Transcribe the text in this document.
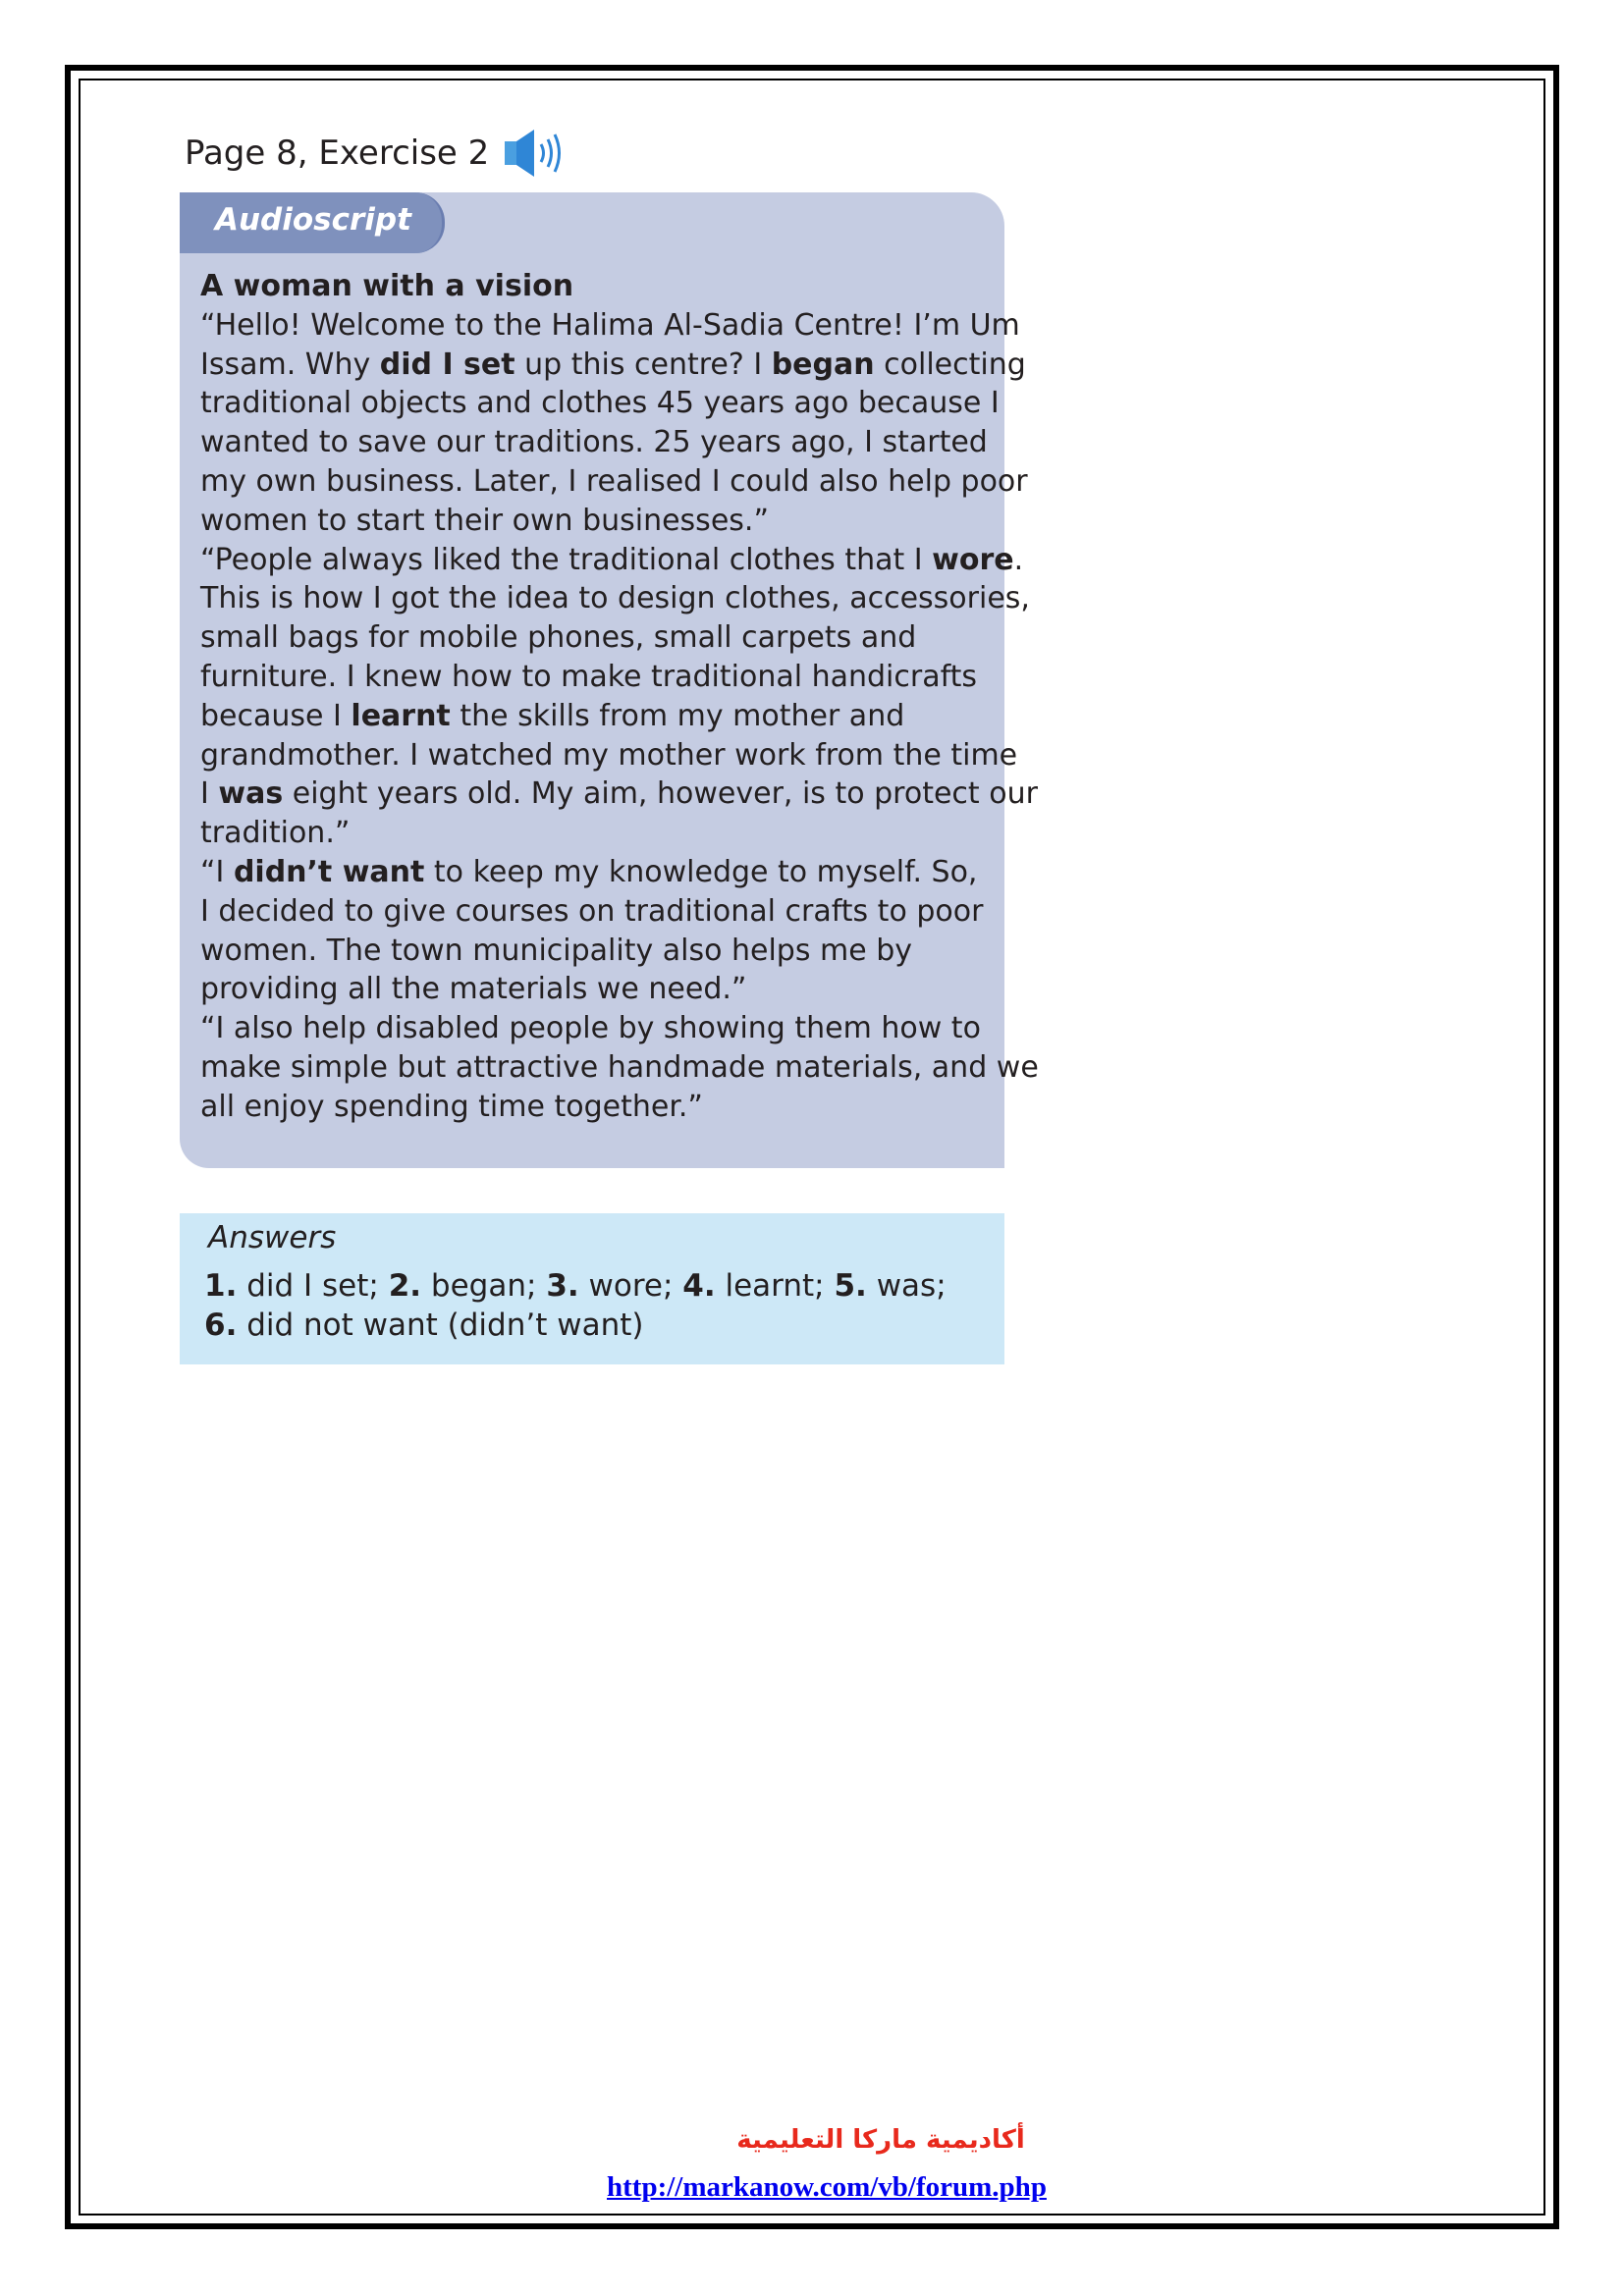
Page 8, Exercise 2
Audioscript
A woman with a vision
“Hello! Welcome to the Halima Al-Sadia Centre! I’m Um
Issam. Why did I set up this centre? I began collecting
traditional objects and clothes 45 years ago because I
wanted to save our traditions. 25 years ago, I started
my own business. Later, I realised I could also help poor
women to start their own businesses.”
“People always liked the traditional clothes that I wore.
This is how I got the idea to design clothes, accessories,
small bags for mobile phones, small carpets and
furniture. I knew how to make traditional handicrafts
because I learnt the skills from my mother and
grandmother. I watched my mother work from the time
I was eight years old. My aim, however, is to protect our
tradition.”
“I didn’t want to keep my knowledge to myself. So,
I decided to give courses on traditional crafts to poor
women. The town municipality also helps me by
providing all the materials we need.”
“I also help disabled people by showing them how to
make simple but attractive handmade materials, and we
all enjoy spending time together.”
Answers
1. did I set; 2. began; 3. wore; 4. learnt; 5. was;
6. did not want (didn’t want)
أكاديمية ماركا التعليمية
http://markanow.com/vb/forum.php
